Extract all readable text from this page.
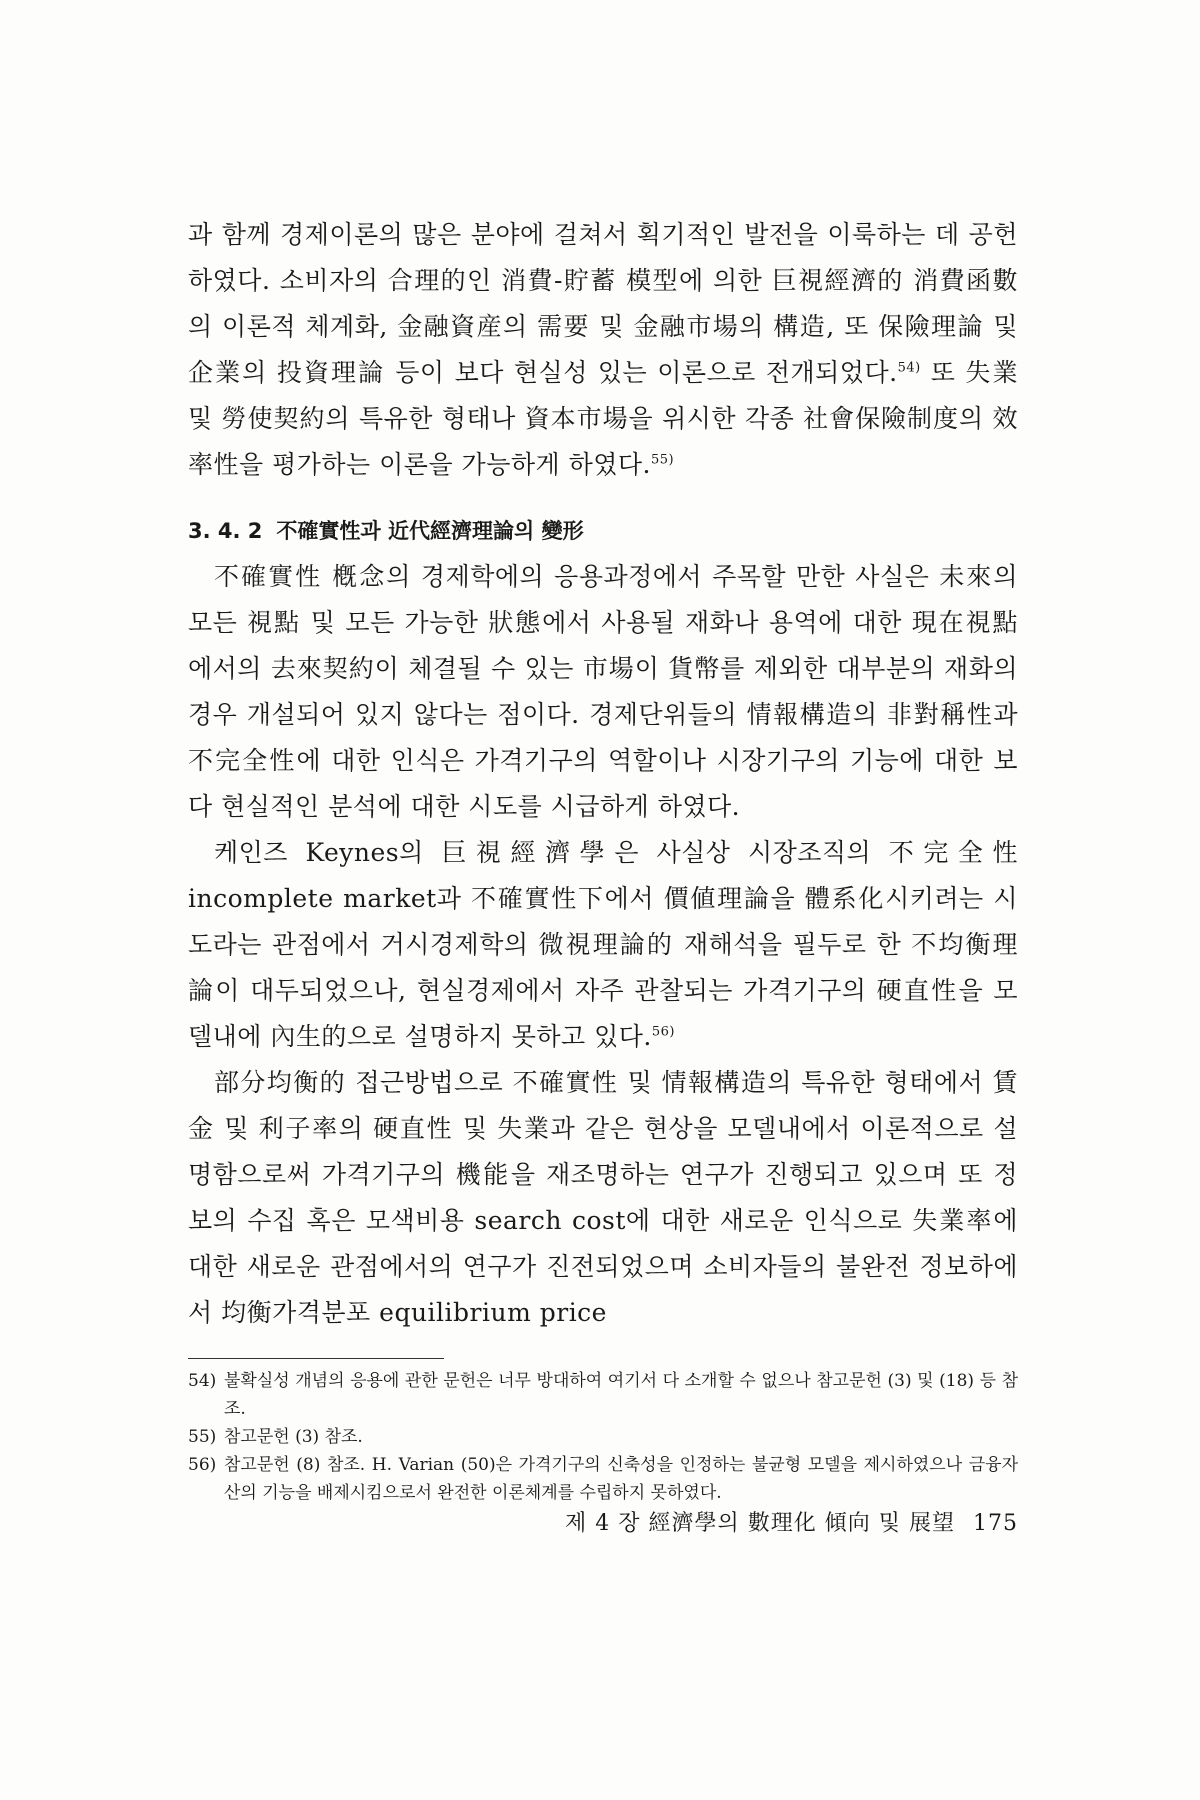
과 함께 경제이론의 많은 분야에 걸쳐서 획기적인 발전을 이룩하는 데 공헌하였다. 소비자의 合理的인 消費-貯蓄 模型에 의한 巨視經濟的 消費函數의 이론적 체계화, 金融資産의 需要 및 金融市場의 構造, 또 保險理論 및 企業의 投資理論 등이 보다 현실성 있는 이론으로 전개되었다.$^{54)}$ 또 失業 및 勞使契約의 특유한 형태나 資本市場을 위시한 각종 社會保險制度의 效率性을 평가하는 이론을 가능하게 하였다.$^{55)}$

3. 4. 2 不確實性과 近代經濟理論의 變形

不確實性 槪念의 경제학에의 응용과정에서 주목할 만한 사실은 未來의 모든 視點 및 모든 가능한 狀態에서 사용될 재화나 용역에 대한 現在視點에서의 去來契約이 체결될 수 있는 市場이 貨幣를 제외한 대부분의 재화의 경우 개설되어 있지 않다는 점이다. 경제단위들의 情報構造의 非對稱性과 不完全性에 대한 인식은 가격기구의 역할이나 시장기구의 기능에 대한 보다 현실적인 분석에 대한 시도를 시급하게 하였다.

케인즈 Keynes의 巨視經濟學은 사실상 시장조직의 不完全性 incomplete market과 不確實性下에서 價値理論을 體系化시키려는 시도라는 관점에서 거시경제학의 微視理論的 재해석을 필두로 한 不均衡理論이 대두되었으나, 현실경제에서 자주 관찰되는 가격기구의 硬直性을 모델내에 內生的으로 설명하지 못하고 있다.$^{56)}$

部分均衡的 접근방법으로 不確實性 및 情報構造의 특유한 형태에서 賃金 및 利子率의 硬直性 및 失業과 같은 현상을 모델내에서 이론적으로 설명함으로써 가격기구의 機能을 재조명하는 연구가 진행되고 있으며 또 정보의 수집 혹은 모색비용 search cost에 대한 새로운 인식으로 失業率에 대한 새로운 관점에서의 연구가 진전되었으며 소비자들의 불완전 정보하에서 均衡가격분포 equilibrium price

54) 불확실성 개념의 응용에 관한 문헌은 너무 방대하여 여기서 다 소개할 수 없으나 참고문헌 (3) 및 (18) 등 참조.

55) 참고문헌 (3) 참조.

56) 참고문헌 (8) 참조. H. Varian (50)은 가격기구의 신축성을 인정하는 불균형 모델을 제시하였으나 금융자산의 기능을 배제시킴으로서 완전한 이론체계를 수립하지 못하였다.

제 4 장 經濟學의 數理化 傾向 및 展望 175
